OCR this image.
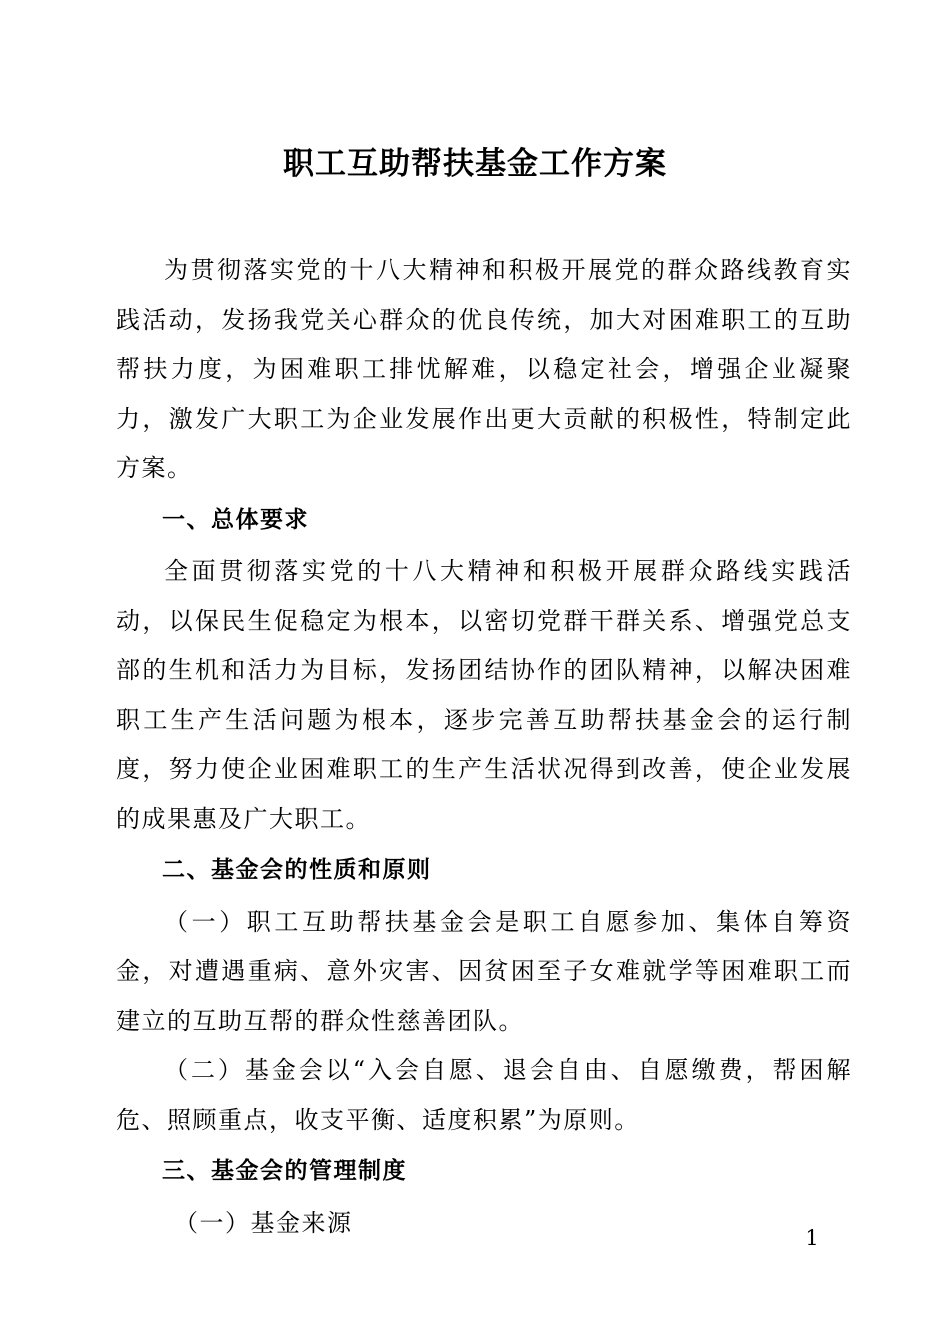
职工互助帮扶基金工作方案

为贯彻落实党的十八大精神和积极开展党的群众路线教育实践活动，发扬我党关心群众的优良传统，加大对困难职工的互助帮扶力度，为困难职工排忧解难，以稳定社会，增强企业凝聚力，激发广大职工为企业发展作出更大贡献的积极性，特制定此方案。

一、总体要求

全面贯彻落实党的十八大精神和积极开展群众路线实践活动，以保民生促稳定为根本，以密切党群干群关系、增强党总支部的生机和活力为目标，发扬团结协作的团队精神，以解决困难职工生产生活问题为根本，逐步完善互助帮扶基金会的运行制度，努力使企业困难职工的生产生活状况得到改善，使企业发展的成果惠及广大职工。

二、基金会的性质和原则

（一）职工互助帮扶基金会是职工自愿参加、集体自筹资金，对遭遇重病、意外灾害、因贫困至子女难就学等困难职工而建立的互助互帮的群众性慈善团队。

（二）基金会以“入会自愿、退会自由、自愿缴费，帮困解危、照顾重点，收支平衡、适度积累”为原则。

三、基金会的管理制度

（一）基金来源

1
